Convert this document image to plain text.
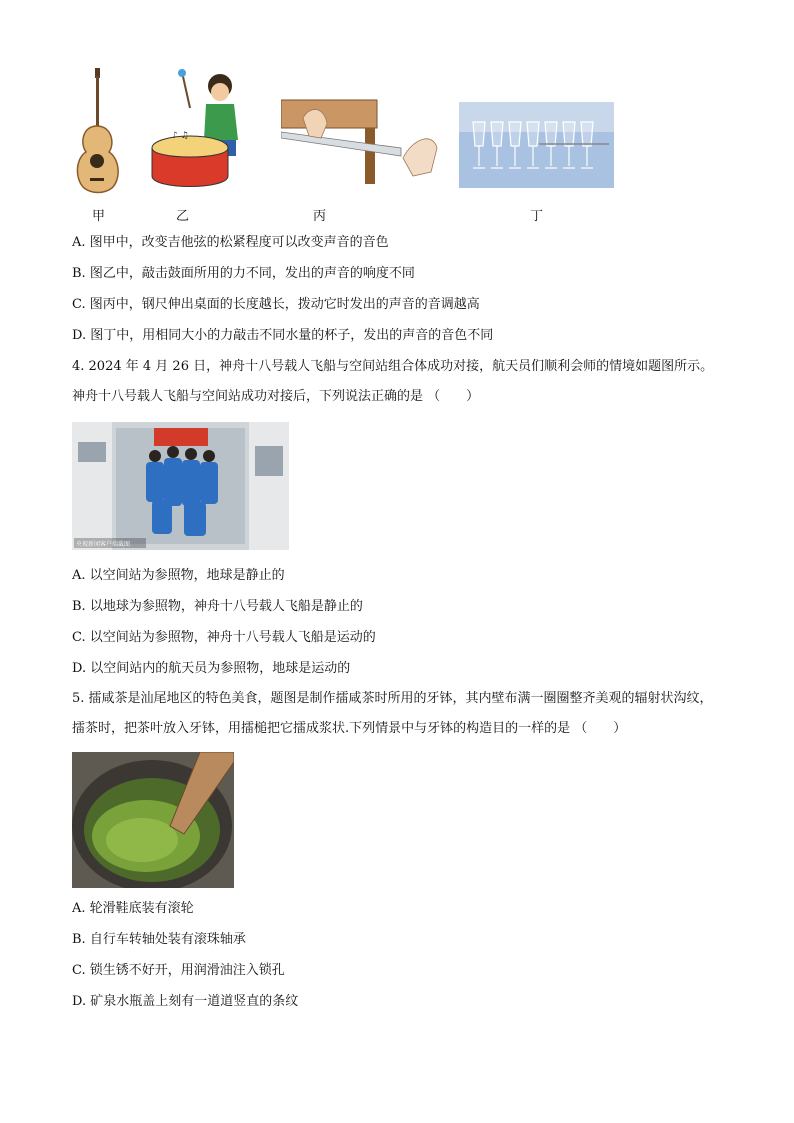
♪ ♫
甲	乙	丙	丁
A. 图甲中，改变吉他弦的松紧程度可以改变声音的音色
B. 图乙中，敲击鼓面所用的力不同，发出的声音的响度不同
C. 图丙中，钢尺伸出桌面的长度越长，拨动它时发出的声音的音调越高
D. 图丁中，用相同大小的力敲击不同水量的杯子，发出的声音的音色不同
4. 2024 年 4 月 26 日，神舟十八号载人飞船与空间站组合体成功对接，航天员们顺利会师的情境如题图所示。神舟十八号载人飞船与空间站成功对接后，下列说法正确的是 （　　）
央视新闻客户端截图
A. 以空间站为参照物，地球是静止的
B. 以地球为参照物，神舟十八号载人飞船是静止的
C. 以空间站为参照物，神舟十八号载人飞船是运动的
D. 以空间站内的航天员为参照物，地球是运动的
5. 擂咸茶是汕尾地区的特色美食，题图是制作擂咸茶时所用的牙钵，其内壁布满一圈圈整齐美观的辐射状沟纹，擂茶时，把茶叶放入牙钵，用擂槌把它擂成浆状.下列情景中与牙钵的构造目的一样的是 （　　）
A. 轮滑鞋底装有滚轮
B. 自行车转轴处装有滚珠轴承
C. 锁生锈不好开，用润滑油注入锁孔
D. 矿泉水瓶盖上刻有一道道竖直的条纹
